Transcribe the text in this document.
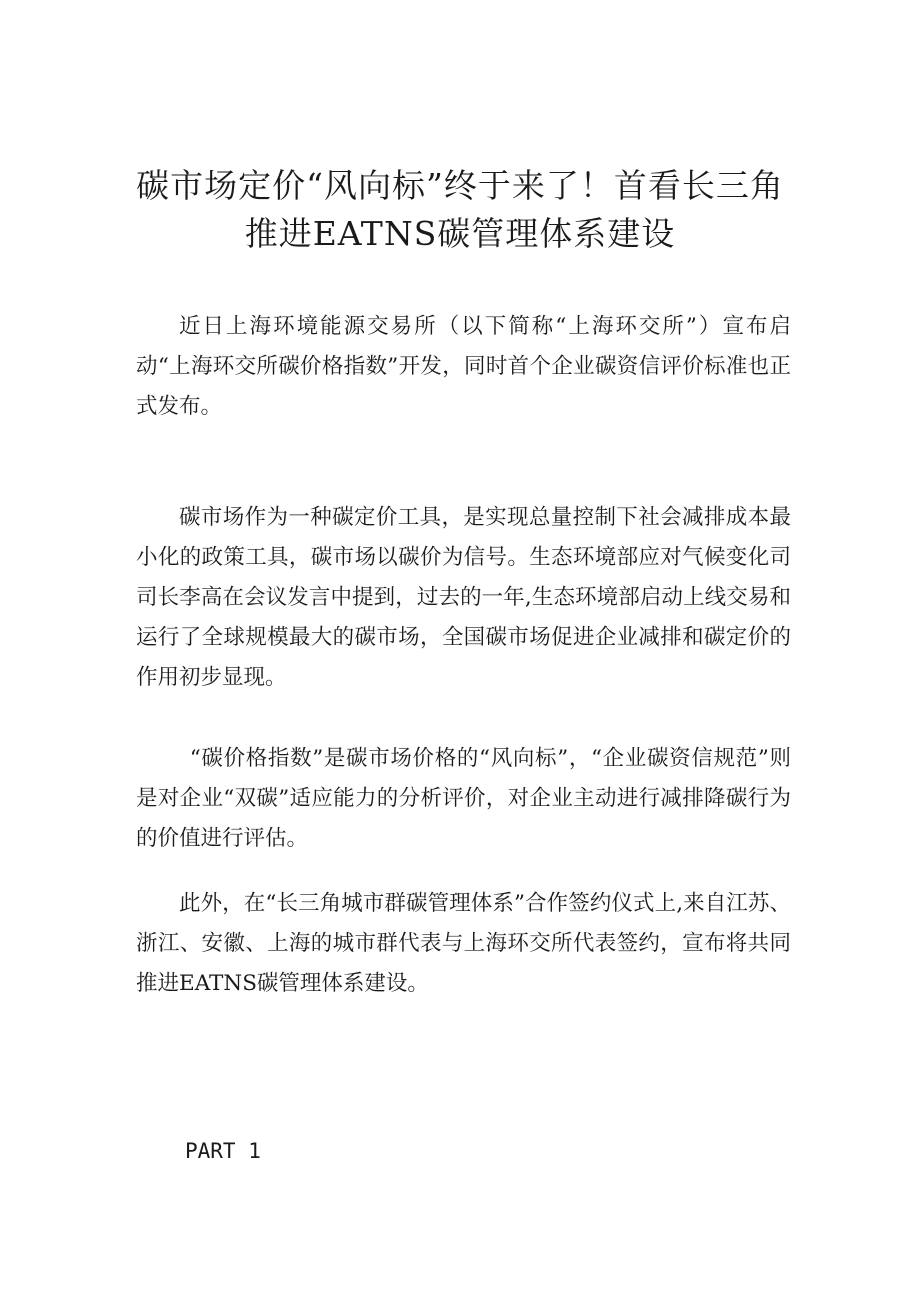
碳市场定价“风向标”终于来了！首看长三角推进EATNS碳管理体系建设

近日上海环境能源交易所（以下简称“上海环交所”）宣布启动“上海环交所碳价格指数”开发，同时首个企业碳资信评价标准也正式发布。

碳市场作为一种碳定价工具，是实现总量控制下社会减排成本最小化的政策工具，碳市场以碳价为信号。生态环境部应对气候变化司司长李高在会议发言中提到，过去的一年,生态环境部启动上线交易和运行了全球规模最大的碳市场，全国碳市场促进企业减排和碳定价的作用初步显现。

“碳价格指数”是碳市场价格的“风向标”，“企业碳资信规范”则是对企业“双碳”适应能力的分析评价，对企业主动进行减排降碳行为的价值进行评估。

此外，在“长三角城市群碳管理体系”合作签约仪式上,来自江苏、浙江、安徽、上海的城市群代表与上海环交所代表签约，宣布将共同推进EATNS碳管理体系建设。

PART 1
